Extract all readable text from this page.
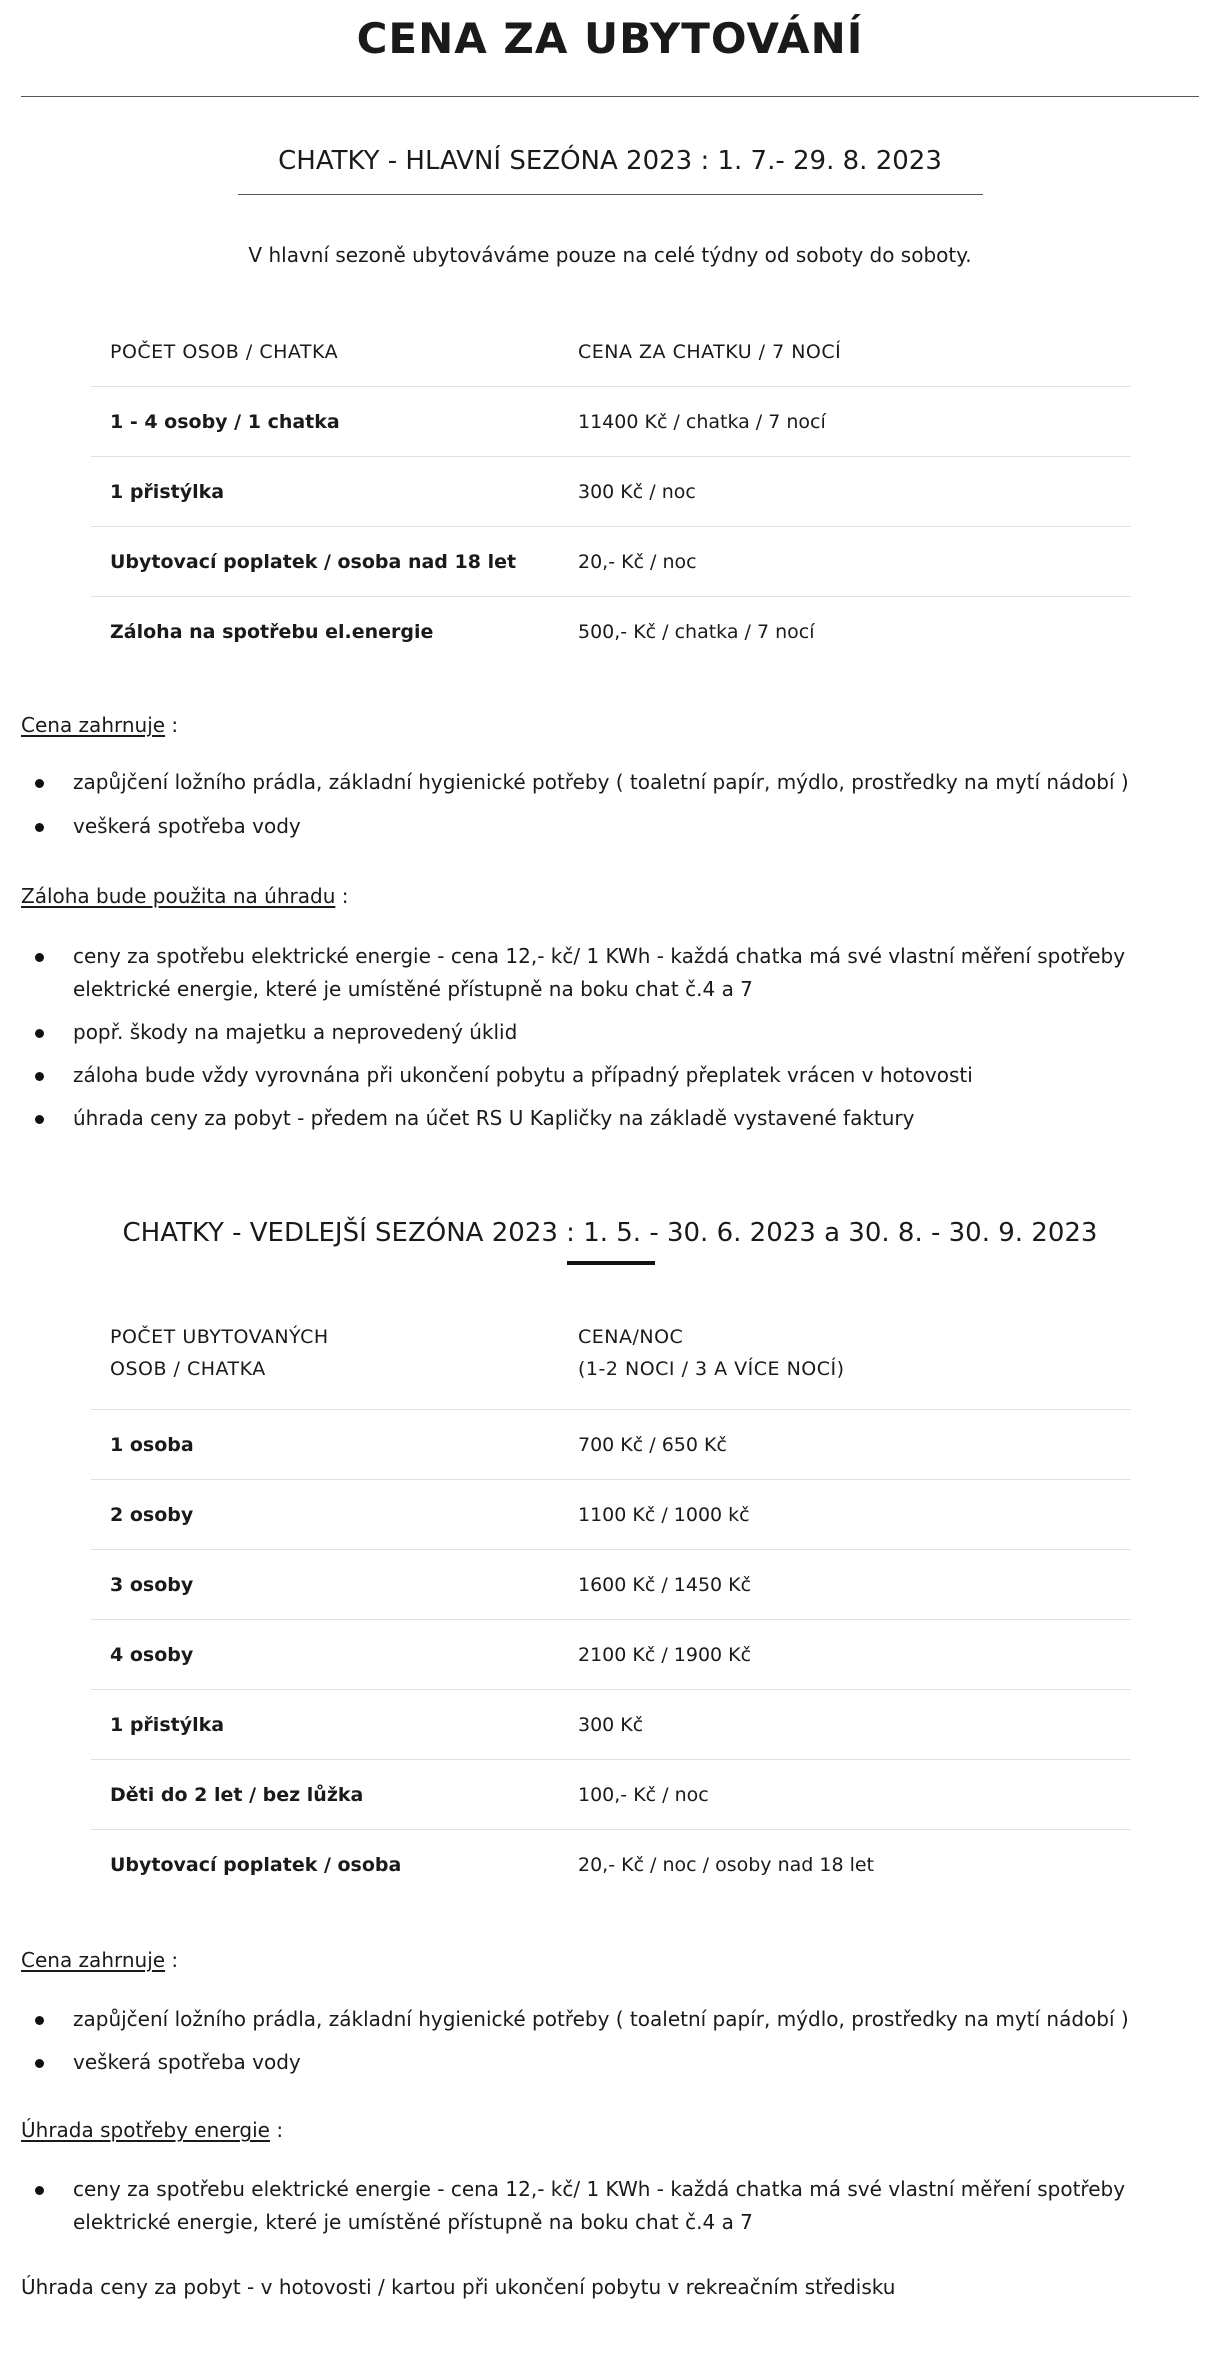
CENA ZA UBYTOVÁNÍ
CHATKY - HLAVNÍ SEZÓNA 2023 : 1. 7.- 29. 8. 2023

V hlavní sezoně ubytováváme pouze na celé týdny od soboty do soboty.

POČET OSOB / CHATKA	CENA ZA CHATKU / 7 NOCÍ
1 - 4 osoby / 1 chatka	11400 Kč / chatka / 7 nocí
1 přistýlka	300 Kč / noc
Ubytovací poplatek / osoba nad 18 let	20,- Kč / noc
Záloha na spotřebu el.energie	500,- Kč / chatka / 7 nocí

Cena zahrnuje :

zapůjčení ložního prádla, základní hygienické potřeby ( toaletní papír, mýdlo, prostředky na mytí nádobí )
veškerá spotřeba vody

Záloha bude použita na úhradu :

ceny za spotřebu elektrické energie - cena 12,- kč/ 1 KWh - každá chatka má své vlastní měření spotřeby elektrické energie, které je umístěné přístupně na boku chat č.4 a 7
popř. škody na majetku a neprovedený úklid
záloha bude vždy vyrovnána při ukončení pobytu a případný přeplatek vrácen v hotovosti
úhrada ceny za pobyt - předem na účet RS U Kapličky na základě vystavené faktury
CHATKY - VEDLEJŠÍ SEZÓNA 2023 : 1. 5. - 30. 6. 2023 a 30. 8. - 30. 9. 2023
POČET UBYTOVANÝCH
OSOB / CHATKA	CENA/NOC
(1-2 NOCI / 3 A VÍCE NOCÍ)
1 osoba	700 Kč / 650 Kč
2 osoby	1100 Kč / 1000 kč
3 osoby	1600 Kč / 1450 Kč
4 osoby	2100 Kč / 1900 Kč
1 přistýlka	300 Kč
Děti do 2 let / bez lůžka	100,- Kč / noc
Ubytovací poplatek / osoba	20,- Kč / noc / osoby nad 18 let

Cena zahrnuje :

zapůjčení ložního prádla, základní hygienické potřeby ( toaletní papír, mýdlo, prostředky na mytí nádobí )
veškerá spotřeba vody

Úhrada spotřeby energie :

ceny za spotřebu elektrické energie - cena 12,- kč/ 1 KWh - každá chatka má své vlastní měření spotřeby elektrické energie, které je umístěné přístupně na boku chat č.4 a 7

Úhrada ceny za pobyt - v hotovosti / kartou při ukončení pobytu v rekreačním středisku
